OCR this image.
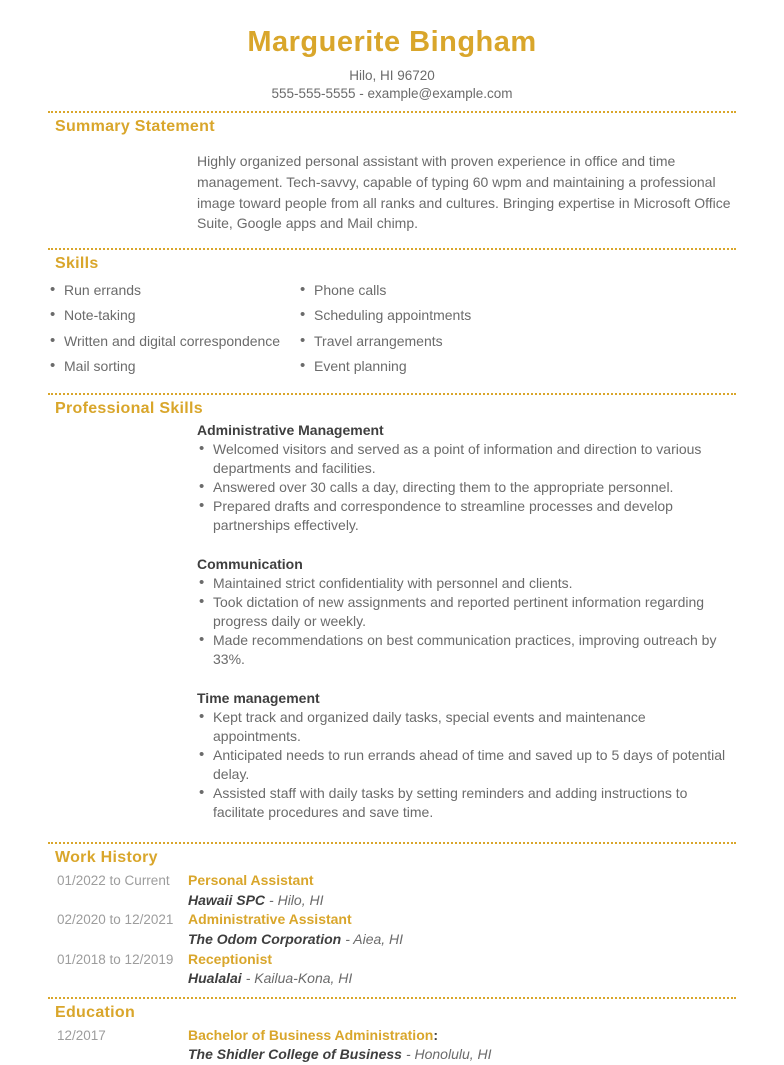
Marguerite Bingham
Hilo, HI 96720
555-555-5555 - example@example.com
Summary Statement

Highly organized personal assistant with proven experience in office and time management. Tech-savvy, capable of typing 60 wpm and maintaining a professional image toward people from all ranks and cultures. Bringing expertise in Microsoft Office Suite, Google apps and Mail chimp.

Skills
• Run errands
• Note-taking
• Written and digital correspondence
• Mail sorting
• Phone calls
• Scheduling appointments
• Travel arrangements
• Event planning
Professional Skills
Administrative Management
• Welcomed visitors and served as a point of information and direction to various departments and facilities.
• Answered over 30 calls a day, directing them to the appropriate personnel.
• Prepared drafts and correspondence to streamline processes and develop partnerships effectively.
Communication
• Maintained strict confidentiality with personnel and clients.
• Took dictation of new assignments and reported pertinent information regarding progress daily or weekly.
• Made recommendations on best communication practices, improving outreach by 33%.
Time management
• Kept track and organized daily tasks, special events and maintenance appointments.
• Anticipated needs to run errands ahead of time and saved up to 5 days of potential delay.
• Assisted staff with daily tasks by setting reminders and adding instructions to facilitate procedures and save time.
Work History
01/2022 to Current	Personal Assistant
Hawaii SPC - Hilo, HI
02/2020 to 12/2021	Administrative Assistant
The Odom Corporation - Aiea, HI
01/2018 to 12/2019	Receptionist
Hualalai - Kailua-Kona, HI
Education
12/2017	Bachelor of Business Administration:
The Shidler College of Business - Honolulu, HI
